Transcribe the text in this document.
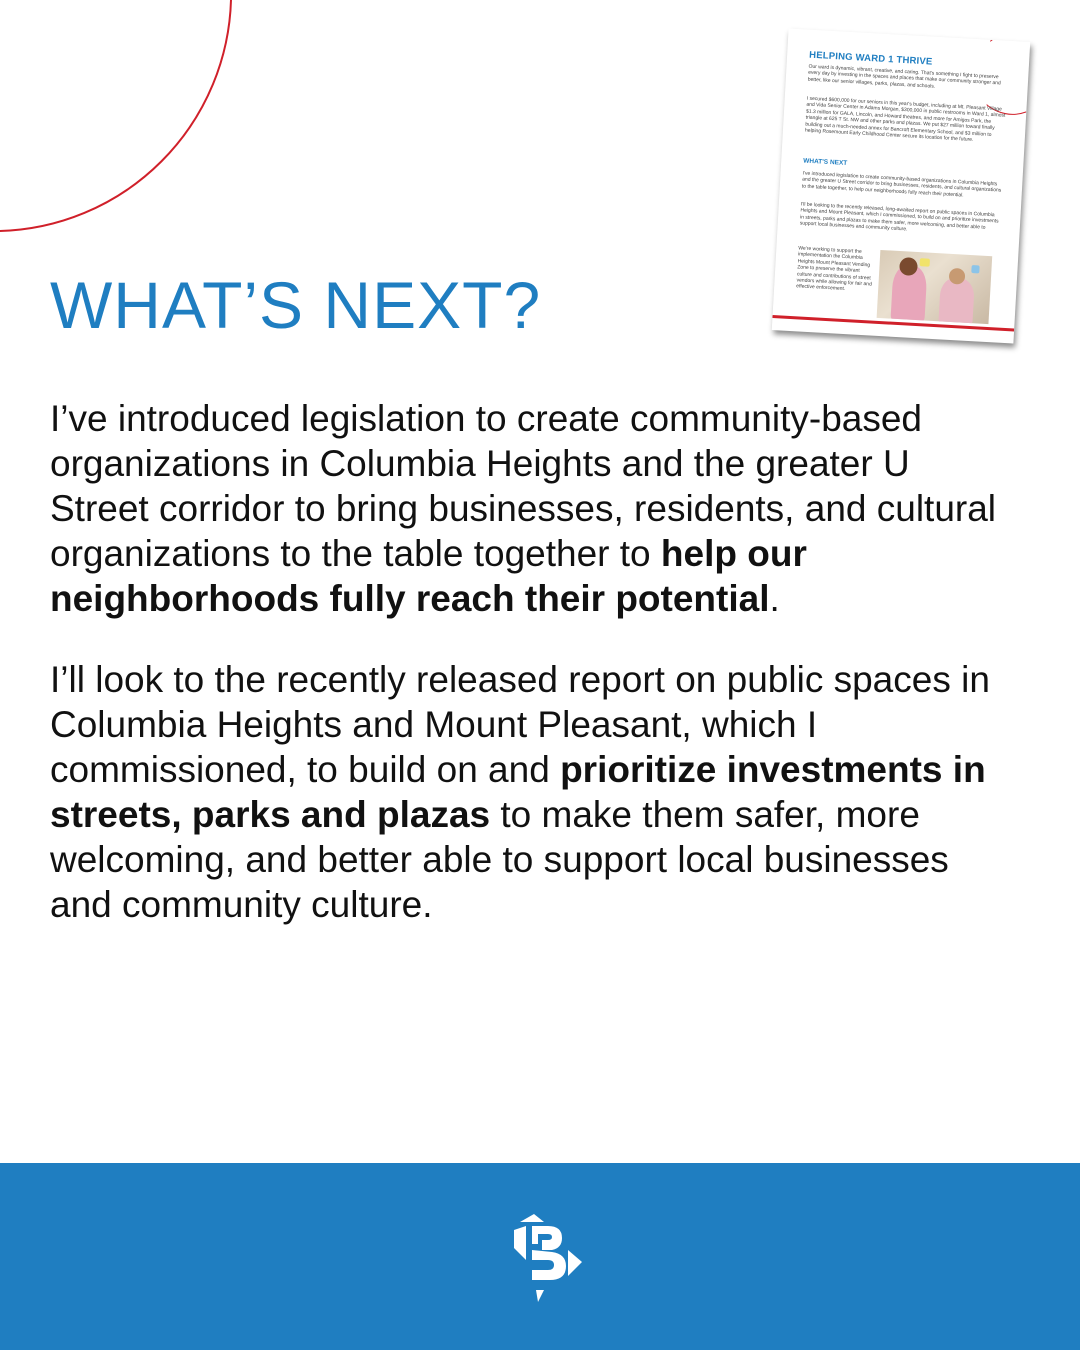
WHAT’S NEXT?
HELPING WARD 1 THRIVE
Our ward is dynamic, vibrant, creative, and caring. That's something I fight to preserve every day by investing in the spaces and places that make our community stronger and better, like our senior villages, parks, plazas, and schools.
I secured $600,000 for our seniors in this year's budget, including at Mt. Pleasant Village and Vida Senior Center in Adams Morgan, $300,000 in public restrooms in Ward 1, almost $1.3 million for GALA, Lincoln, and Howard theatres, and more for Amigos Park, the triangle at 625 T St. NW and other parks and plazas. We put $27 million toward finally building out a much-needed annex for Bancroft Elementary School, and $3 million to helping Rosemount Early Childhood Center secure its location for the future.
WHAT'S NEXT
I've introduced legislation to create community-based organizations in Columbia Heights and the greater U Street corridor to bring businesses, residents, and cultural organizations to the table together, to help our neighborhoods fully reach their potential.
I'll be looking to the recently released, long-awaited report on public spaces in Columbia Heights and Mount Pleasant, which I commissioned, to build on and prioritize investments in streets, parks and plazas to make them safer, more welcoming, and better able to support local businesses and community culture.
We're working to support the implementation the Columbia Heights Mount Pleasant Vending Zone to preserve the vibrant culture and contributions of street vendors while allowing for fair and effective enforcement.

I’ve introduced legislation to create community-based organizations in Columbia Heights and the greater U Street corridor to bring businesses, residents, and cultural organizations to the table together to help our neighborhoods fully reach their potential.

I’ll look to the recently released report on public spaces in Columbia Heights and Mount Pleasant, which I commissioned, to build on and prioritize investments in streets, parks and plazas to make them safer, more welcoming, and better able to support local businesses and community culture.
